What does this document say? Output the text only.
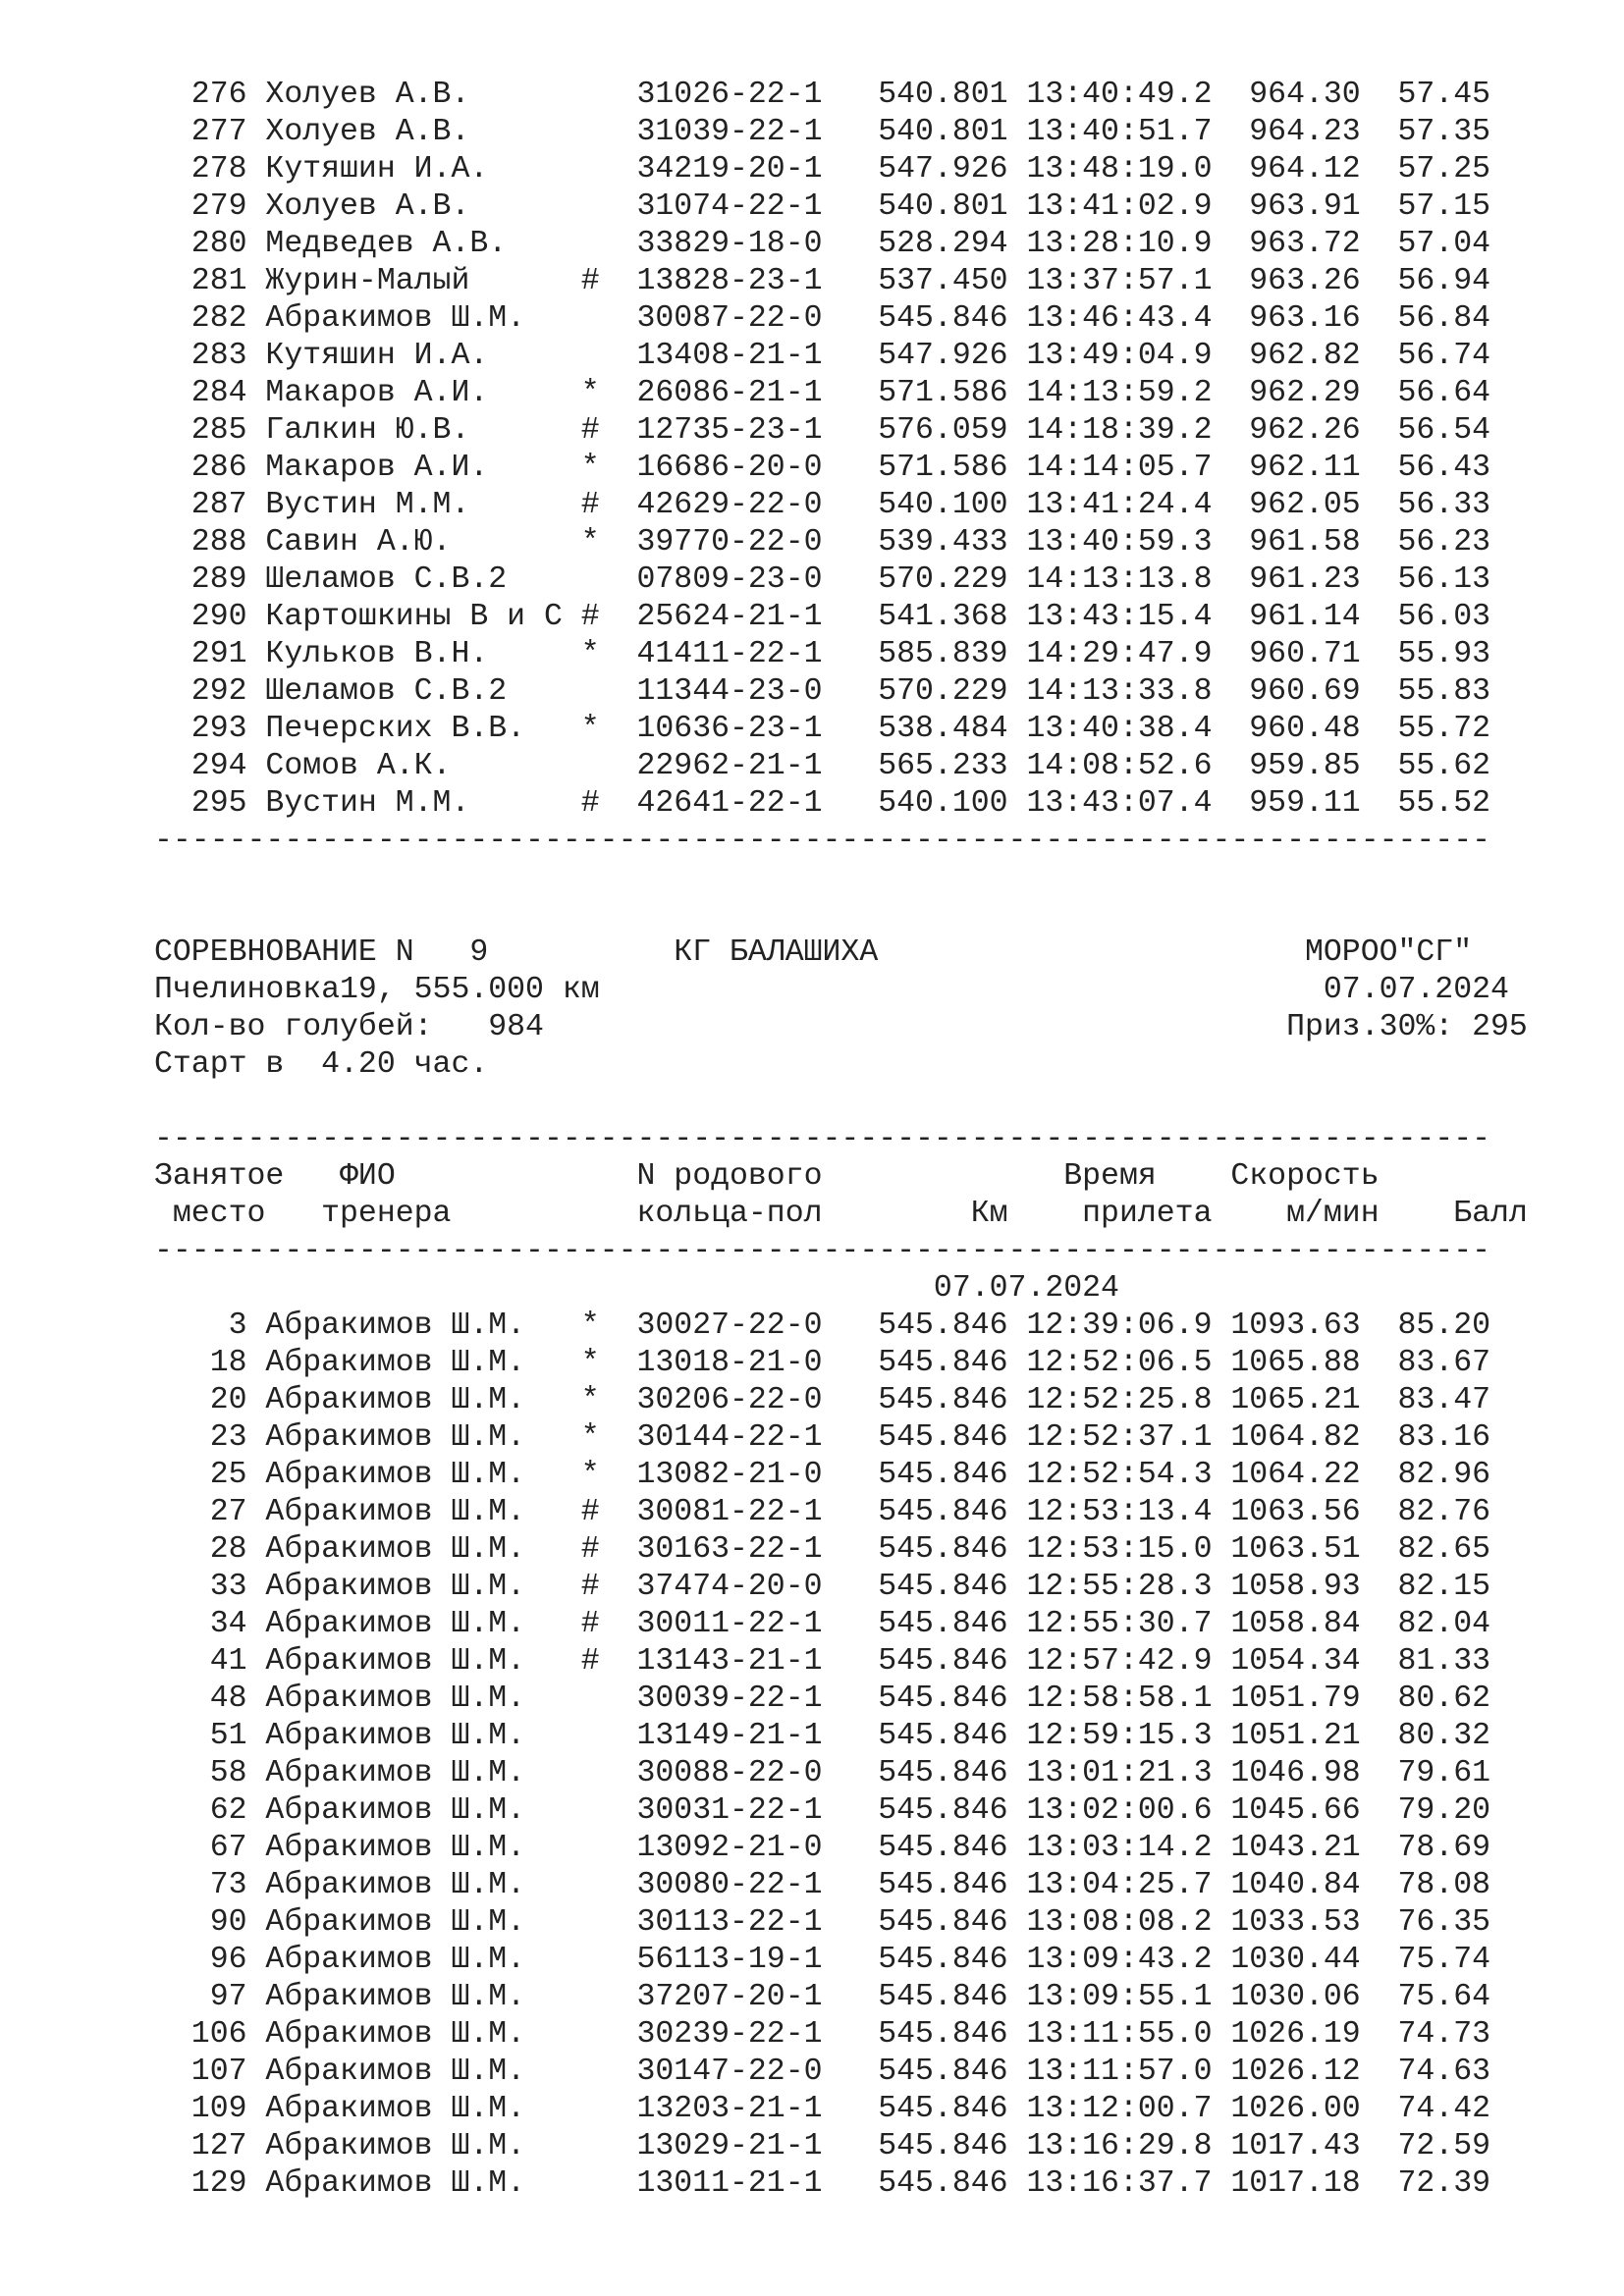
276 Холуев А.В.         31026-22-1   540.801 13:40:49.2  964.30  57.45
277 Холуев А.В.         31039-22-1   540.801 13:40:51.7  964.23  57.35
278 Кутяшин И.А.        34219-20-1   547.926 13:48:19.0  964.12  57.25
279 Холуев А.В.         31074-22-1   540.801 13:41:02.9  963.91  57.15
280 Медведев А.В.       33829-18-0   528.294 13:28:10.9  963.72  57.04
281 Журин-Малый      #  13828-23-1   537.450 13:37:57.1  963.26  56.94
282 Абракимов Ш.М.      30087-22-0   545.846 13:46:43.4  963.16  56.84
283 Кутяшин И.А.        13408-21-1   547.926 13:49:04.9  962.82  56.74
284 Макаров А.И.     *  26086-21-1   571.586 14:13:59.2  962.29  56.64
285 Галкин Ю.В.      #  12735-23-1   576.059 14:18:39.2  962.26  56.54
286 Макаров А.И.     *  16686-20-0   571.586 14:14:05.7  962.11  56.43
287 Вустин М.М.      #  42629-22-0   540.100 13:41:24.4  962.05  56.33
288 Савин А.Ю.       *  39770-22-0   539.433 13:40:59.3  961.58  56.23
289 Шеламов С.В.2       07809-23-0   570.229 14:13:13.8  961.23  56.13
290 Картошкины В и С #  25624-21-1   541.368 13:43:15.4  961.14  56.03
291 Кульков В.Н.     *  41411-22-1   585.839 14:29:47.9  960.71  55.93
292 Шеламов С.В.2       11344-23-0   570.229 14:13:33.8  960.69  55.83
293 Печерских В.В.   *  10636-23-1   538.484 13:40:38.4  960.48  55.72
294 Сомов А.К.          22962-21-1   565.233 14:08:52.6  959.85  55.62
295 Вустин М.М.      #  42641-22-1   540.100 13:43:07.4  959.11  55.52
------------------------------------------------------------------------
СОРЕВНОВАНИЕ N   9          КГ БАЛАШИХА                       МОРОО"СГ"
Пчелиновка19, 555.000 км                                       07.07.2024
Кол-во голубей:   984                                        Приз.30%: 295
Старт в  4.20 час.
------------------------------------------------------------------------
Занятое   ФИО             N родового             Время    Скорость
место   тренера          кольца-пол        Км    прилета    м/мин    Балл
------------------------------------------------------------------------
07.07.2024
3 Абракимов Ш.М.   *  30027-22-0   545.846 12:39:06.9 1093.63  85.20
18 Абракимов Ш.М.   *  13018-21-0   545.846 12:52:06.5 1065.88  83.67
20 Абракимов Ш.М.   *  30206-22-0   545.846 12:52:25.8 1065.21  83.47
23 Абракимов Ш.М.   *  30144-22-1   545.846 12:52:37.1 1064.82  83.16
25 Абракимов Ш.М.   *  13082-21-0   545.846 12:52:54.3 1064.22  82.96
27 Абракимов Ш.М.   #  30081-22-1   545.846 12:53:13.4 1063.56  82.76
28 Абракимов Ш.М.   #  30163-22-1   545.846 12:53:15.0 1063.51  82.65
33 Абракимов Ш.М.   #  37474-20-0   545.846 12:55:28.3 1058.93  82.15
34 Абракимов Ш.М.   #  30011-22-1   545.846 12:55:30.7 1058.84  82.04
41 Абракимов Ш.М.   #  13143-21-1   545.846 12:57:42.9 1054.34  81.33
48 Абракимов Ш.М.      30039-22-1   545.846 12:58:58.1 1051.79  80.62
51 Абракимов Ш.М.      13149-21-1   545.846 12:59:15.3 1051.21  80.32
58 Абракимов Ш.М.      30088-22-0   545.846 13:01:21.3 1046.98  79.61
62 Абракимов Ш.М.      30031-22-1   545.846 13:02:00.6 1045.66  79.20
67 Абракимов Ш.М.      13092-21-0   545.846 13:03:14.2 1043.21  78.69
73 Абракимов Ш.М.      30080-22-1   545.846 13:04:25.7 1040.84  78.08
90 Абракимов Ш.М.      30113-22-1   545.846 13:08:08.2 1033.53  76.35
96 Абракимов Ш.М.      56113-19-1   545.846 13:09:43.2 1030.44  75.74
97 Абракимов Ш.М.      37207-20-1   545.846 13:09:55.1 1030.06  75.64
106 Абракимов Ш.М.      30239-22-1   545.846 13:11:55.0 1026.19  74.73
107 Абракимов Ш.М.      30147-22-0   545.846 13:11:57.0 1026.12  74.63
109 Абракимов Ш.М.      13203-21-1   545.846 13:12:00.7 1026.00  74.42
127 Абракимов Ш.М.      13029-21-1   545.846 13:16:29.8 1017.43  72.59
129 Абракимов Ш.М.      13011-21-1   545.846 13:16:37.7 1017.18  72.39
